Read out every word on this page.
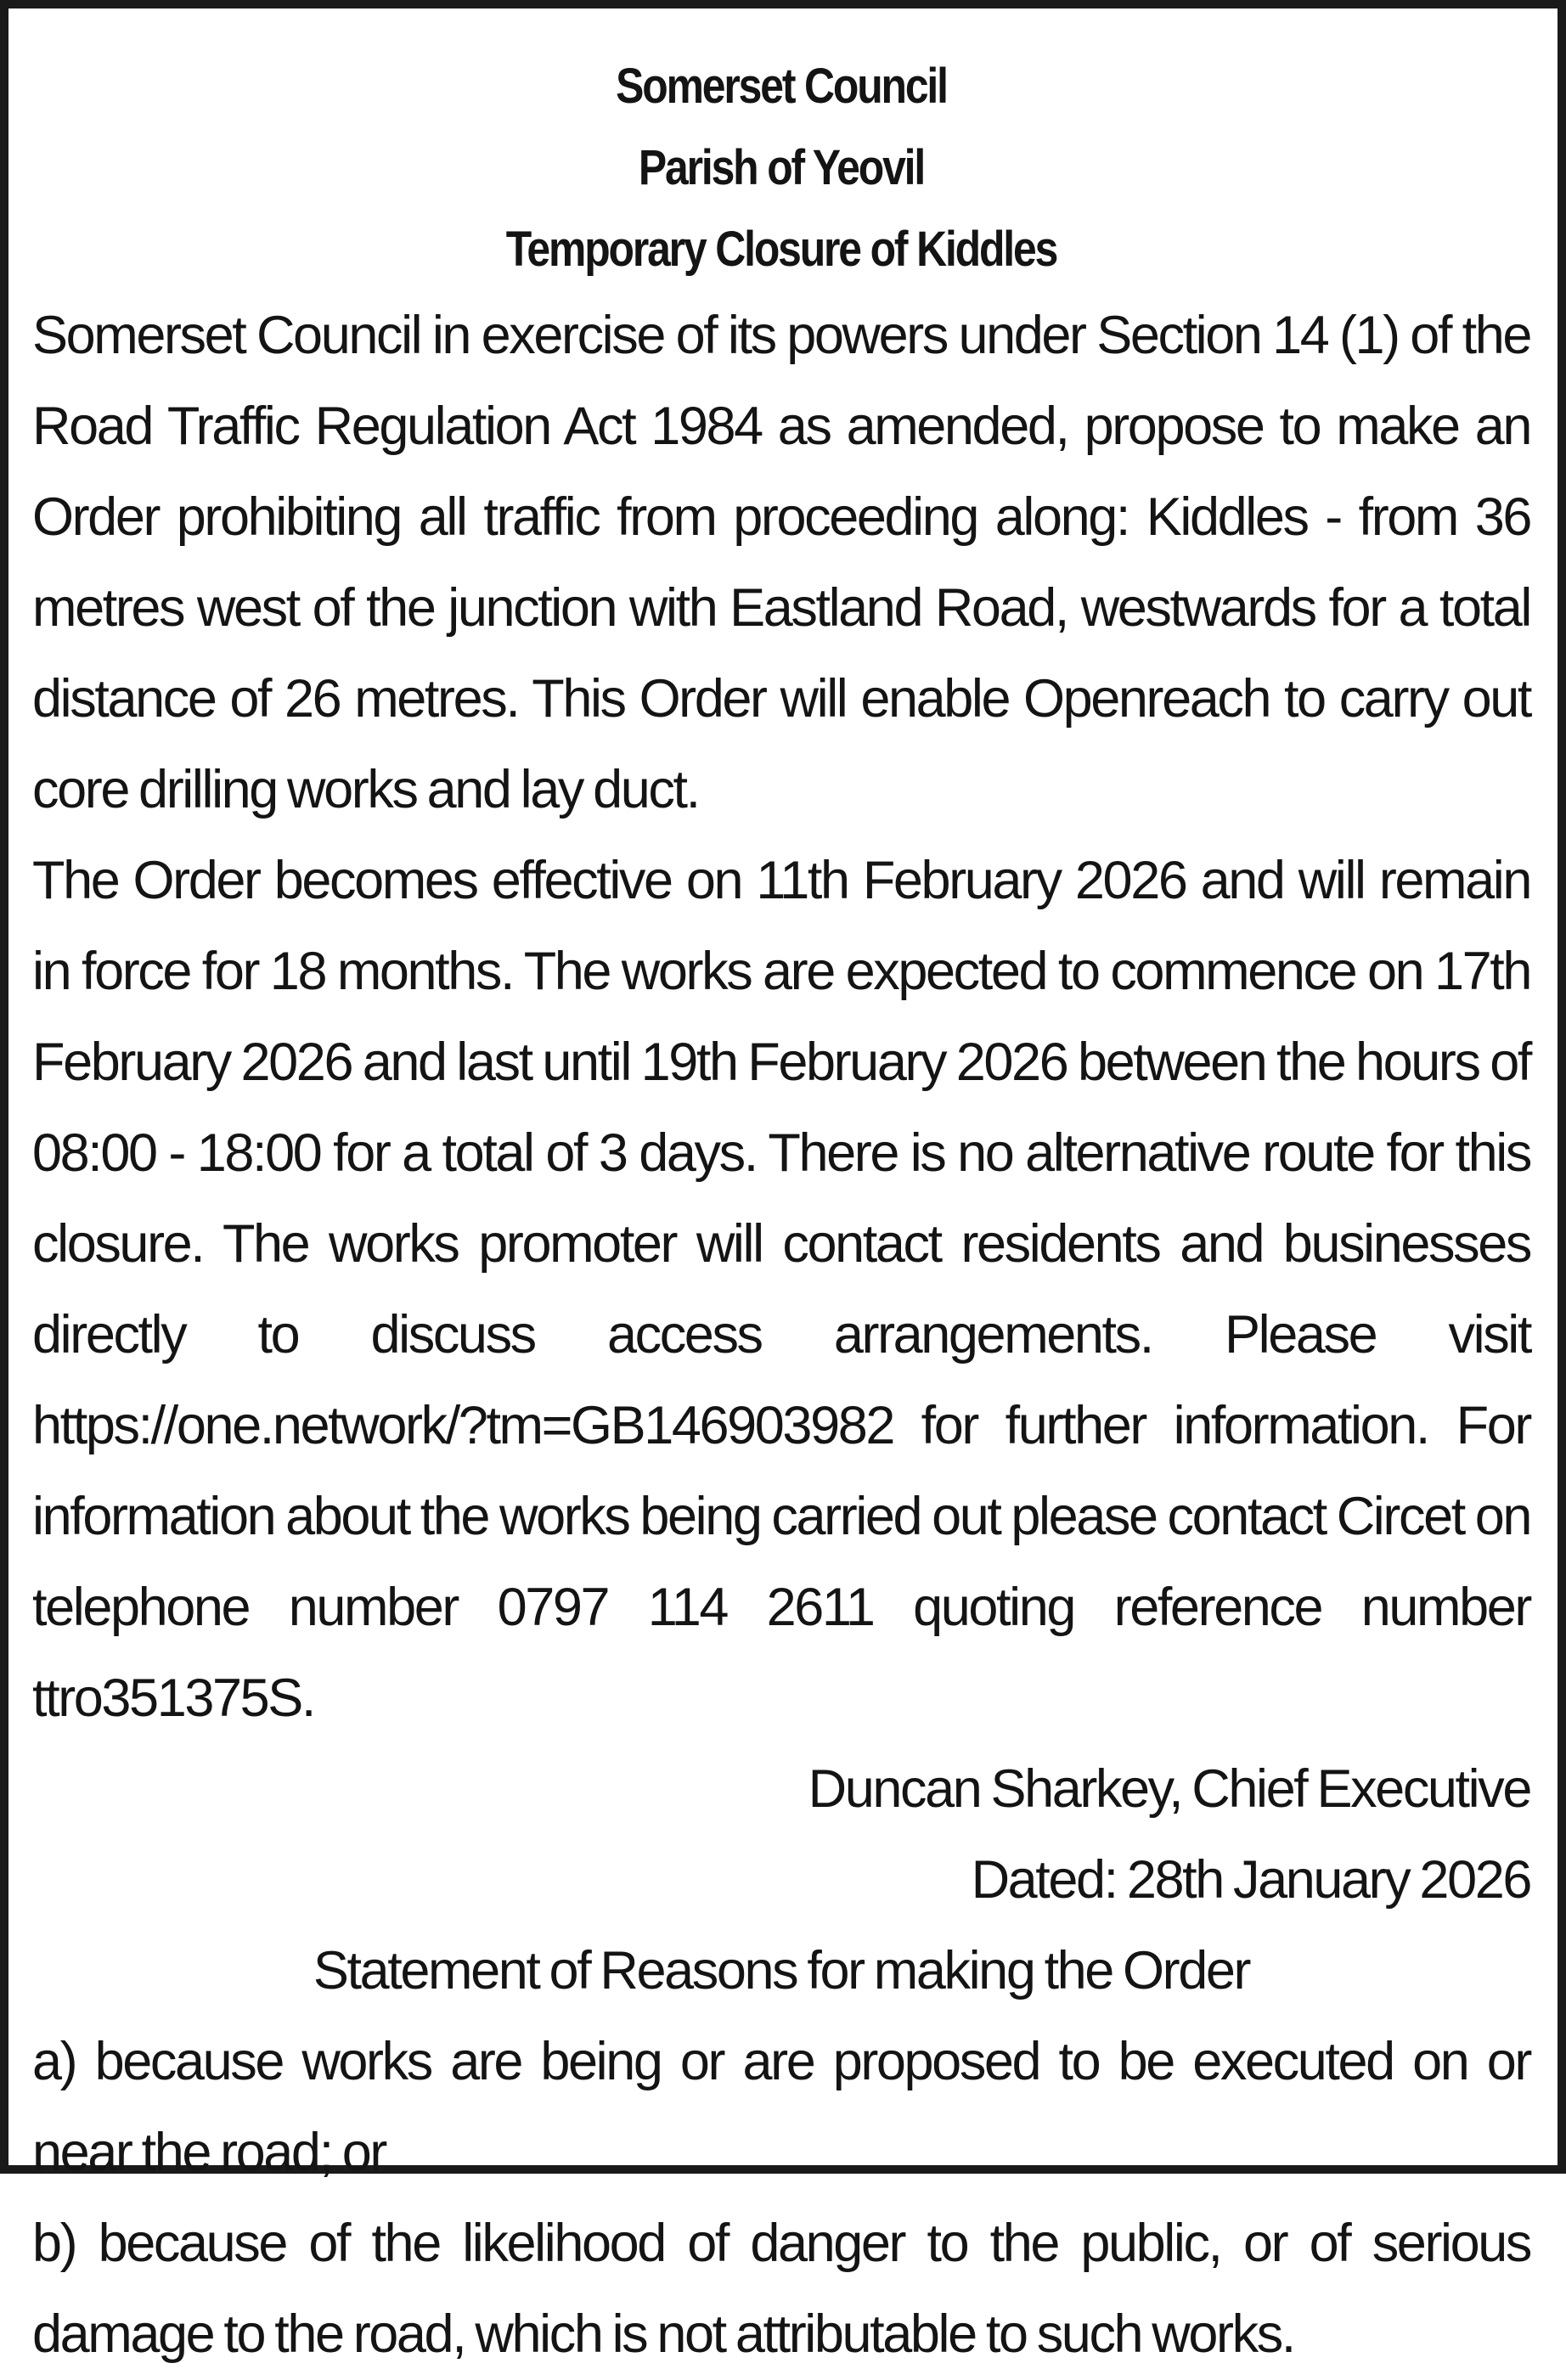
Somerset Council
Parish of Yeovil
Temporary Closure of Kiddles

Somerset Council in exercise of its powers under Section 14 (1) of the Road Traffic Regulation Act 1984 as amended, propose to make an Order prohibiting all traffic from proceeding along: Kiddles - from 36 metres west of the junction with Eastland Road, westwards for a total distance of 26 metres. This Order will enable Openreach to carry out core drilling works and lay duct.

The Order becomes effective on 11th February 2026 and will remain in force for 18 months. The works are expected to commence on 17th February 2026 and last until 19th February 2026 between the hours of 08:00 - 18:00 for a total of 3 days. There is no alternative route for this closure. The works promoter will contact residents and businesses directly to discuss access arrangements. Please visit https://one.network/?tm=GB146903982 for further information. For information about the works being carried out please contact Circet on telephone number 0797 114 2611 quoting reference number ttro351375S.

Duncan Sharkey, Chief Executive

Dated: 28th January 2026

Statement of Reasons for making the Order

a) because works are being or are proposed to be executed on or near the road; or

b) because of the likelihood of danger to the public, or of serious damage to the road, which is not attributable to such works.
